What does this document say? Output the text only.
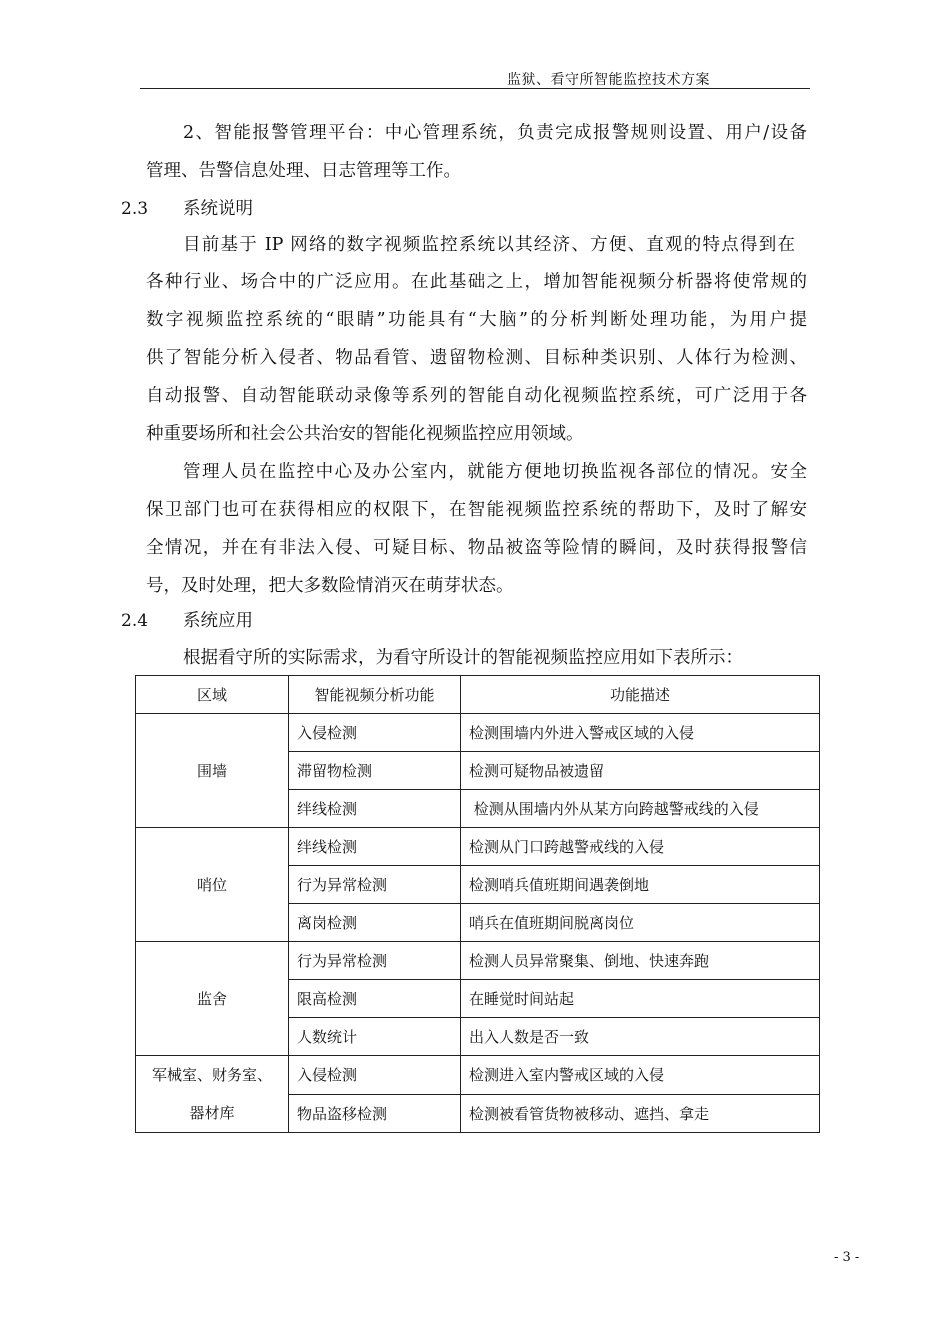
监狱、看守所智能监控技术方案
2、智能报警管理平台：中心管理系统，负责完成报警规则设置、用户/设备
管理、告警信息处理、日志管理等工作。
2.3 系统说明
目前基于 IP 网络的数字视频监控系统以其经济、方便、直观的特点得到在
各种行业、场合中的广泛应用。在此基础之上，增加智能视频分析器将使常规的
数字视频监控系统的“眼睛”功能具有“大脑”的分析判断处理功能，为用户提
供了智能分析入侵者、物品看管、遗留物检测、目标种类识别、人体行为检测、
自动报警、自动智能联动录像等系列的智能自动化视频监控系统，可广泛用于各
种重要场所和社会公共治安的智能化视频监控应用领域。
管理人员在监控中心及办公室内，就能方便地切换监视各部位的情况。安全
保卫部门也可在获得相应的权限下，在智能视频监控系统的帮助下，及时了解安
全情况，并在有非法入侵、可疑目标、物品被盗等险情的瞬间，及时获得报警信
号，及时处理，把大多数险情消灭在萌芽状态。
2.4 系统应用
根据看守所的实际需求，为看守所设计的智能视频监控应用如下表所示：
区域	智能视频分析功能	功能描述
围墙	入侵检测	检测围墙内外进入警戒区域的入侵
	滞留物检测	检测可疑物品被遗留
	绊线检测	检测从围墙内外从某方向跨越警戒线的入侵
哨位	绊线检测	检测从门口跨越警戒线的入侵
	行为异常检测	检测哨兵值班期间遇袭倒地
	离岗检测	哨兵在值班期间脱离岗位
监舍	行为异常检测	检测人员异常聚集、倒地、快速奔跑
	限高检测	在睡觉时间站起
	人数统计	出入人数是否一致

军械室、财务室、
器材库	入侵检测	检测进入室内警戒区域的入侵
	物品盗移检测	检测被看管货物被移动、遮挡、拿走
- 3 -
